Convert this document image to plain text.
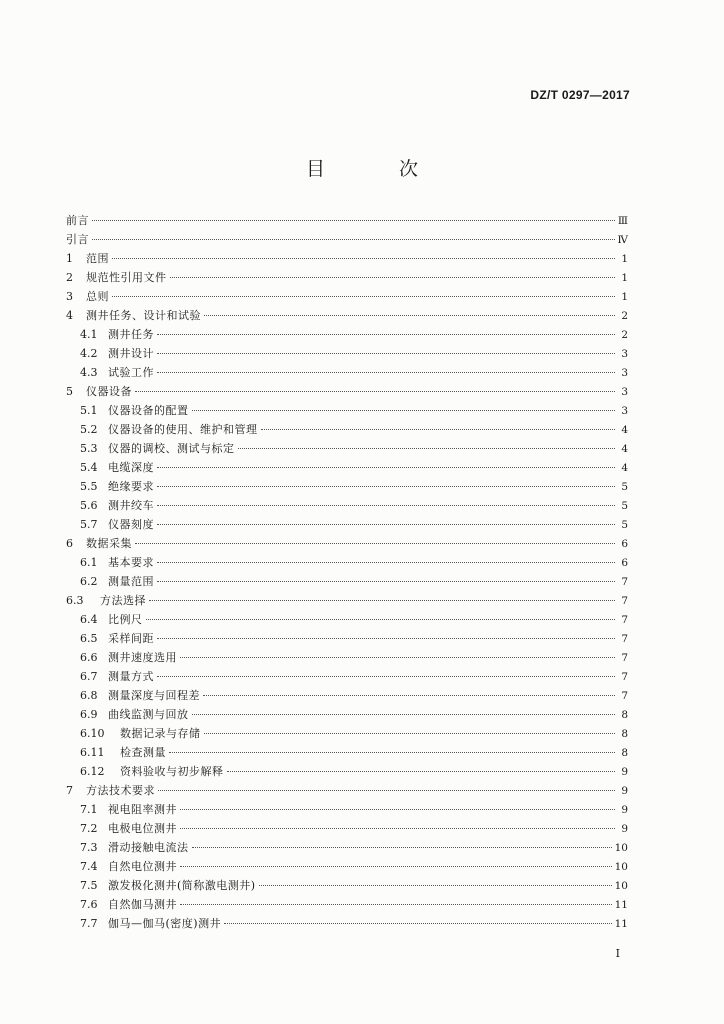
DZ/T 0297—2017
目 次
前言	Ⅲ
引言	Ⅳ
1	范围	1
2	规范性引用文件	1
3	总则	1
4	测井任务、设计和试验	2
4.1 测井任务	2
4.2 测井设计	3
4.3 试验工作	3
5	仪器设备	3
5.1 仪器设备的配置	3
5.2 仪器设备的使用、维护和管理	4
5.3 仪器的调校、测试与标定	4
5.4 电缆深度	4
5.5 绝缘要求	5
5.6 测井绞车	5
5.7 仪器刻度	5
6	数据采集	6
6.1 基本要求	6
6.2 测量范围	7
6.3	方法选择	7
6.4 比例尺	7
6.5 采样间距	7
6.6 测井速度选用	7
6.7 测量方式	7
6.8 测量深度与回程差	7
6.9 曲线监测与回放	8
6.10	数据记录与存储	8
6.11	检查测量	8
6.12	资料验收与初步解释	9
7	方法技术要求	9
7.1 视电阻率测井	9
7.2 电极电位测井	9
7.3 滑动接触电流法	10
7.4 自然电位测井	10
7.5 激发极化测井(简称激电测井)	10
7.6 自然伽马测井	11
7.7 伽马—伽马(密度)测井	11
Ⅰ
